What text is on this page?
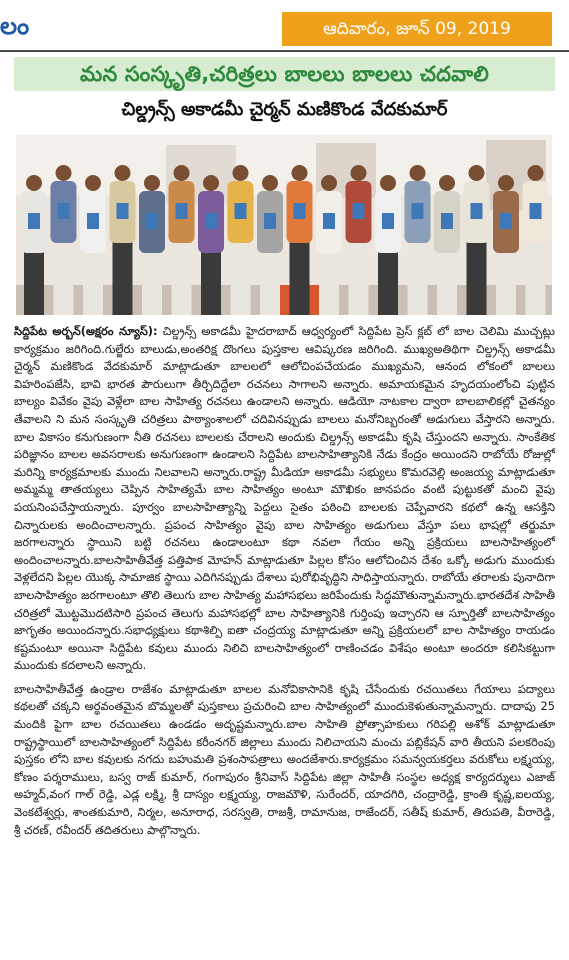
లం	ఆదివారం, జూన్ 09, 2019
మన సంస్కృతి,చరిత్రలు బాలలు బాలలు చదవాలి
చిల్డ్రన్స్ అకాడమీ చైర్మన్ మణికొండ వేదకుమార్

సిద్దిపేట అర్బన్(అక్షరం న్యూస్): చిల్డ్రన్స్ అకాడమీ హైదరాబాద్ ఆధ్వర్యంలో సిద్దిపేట ప్రెస్ క్లబ్ లో బాల చెలిమి ముచ్చట్లు కార్యక్రమం జరిగింది.గుల్జేరు బాలుడు,అంతరిక్ష దొంగలు పుస్తకాల ఆవిష్కరణ జరిగింది. ముఖ్యఅతిథిగా చిల్డ్రన్స్ అకాడమీ చైర్మన్ మణికొండ వేదకుమార్ మాట్లాడుతూ బాలలలో ఆలోచింపచేయడం ముఖ్యమని, ఆనంద లోకంలో బాలలు విహరింపజేసి, భావి భారత పౌరులుగా తీర్చిదిద్దేలా రచనలు సాగాలని అన్నారు. అమాయకమైన హృదయంలోంచి పుట్టిన బాల్యం వివేకం వైపు వెళ్లేలా బాల సాహిత్య రచనలు ఉండాలని అన్నారు. ఆడియో నాటకాల ద్వారా బాలబాలికల్లో చైతన్యం తేవాలని ని మన సంస్కృతి చరిత్రలు పాఠ్యాంశాలలో చదివినప్పుడు బాలలు మనోనిబ్బరంతో అడుగులు వేస్తారని అన్నారు. బాల వికాసం కనుగుణంగా నీతి రచనలు బాలలకు చేరాలని అందుకు చిల్డ్రన్స్ అకాడమీ కృషి చేస్తుందని అన్నారు. సాంకేతిక పరిజ్ఞానం బాలల అవసరాలకు అనుగుణంగా ఉండాలని సిద్దిపేట బాలసాహిత్యానికి నేడు కేంద్రం అయిందని రాబోయే రోజుల్లో మరిన్ని కార్యక్రమాలకు ముందు నిలవాలని అన్నారు.రాష్ట్ర మీడియా అకాడమీ సభ్యులు కొమరవెల్లి అంజయ్య మాట్లాడుతూ అమ్మమ్మ తాతయ్యలు చెప్పిన సాహిత్యమే బాల సాహిత్యం అంటూ మౌఖికం జానపదం వంటి పుట్టుకతో మంచి వైపు పయనింపచేస్తాయన్నారు. పూర్వం బాలసాహిత్యాన్ని పెద్దలు సైతం పఠించి బాలలకు చెప్పేవారని కథలో ఉన్న ఆసక్తిని చిన్నారులకు అందించాలన్నారు. ప్రపంచ సాహిత్యం వైపు బాల సాహిత్యం అడుగులు వేస్తూ పలు భాషల్లో తర్జుమా జరగాలన్నారు స్థాయిని బట్టి రచనలు ఉండాలంటూ కథా నవలా గేయం అన్ని ప్రక్రియలు బాలసాహిత్యంలో అందించాలన్నారు.బాలసాహితీవేత్త పత్తిపాక మోహన్ మాట్లాడుతూ పిల్లల కోసం ఆలోచించిన దేశం ఒక్కో అడుగు ముందుకు వెళ్లలేదని పిల్లల యొక్క సామాజిక స్థాయి ఎదిగినప్పుడు దేశాలు పురోభివృద్ధిని సాధిస్తాయన్నారు. రాబోయే తరాలకు పునాదిగా బాలసాహిత్యం జరగాలంటూ తొలి తెలుగు బాల సాహిత్య మహాసభలు జరిపేందుకు సిద్ధమౌతున్నామన్నారు.భారతదేశ సాహితీ చరిత్రలో మొట్టమొదటిసారి ప్రపంచ తెలుగు మహాసభల్లో బాల సాహిత్యానికి గుర్తింపు ఇచ్చారని ఆ స్ఫూర్తితో బాలసాహిత్యం జాగృతం అయిందన్నారు.సభాధ్యక్షులు కథాశిల్పి ఐతా చంద్రయ్య మాట్లాడుతూ అన్ని ప్రక్రియలలో బాల సాహిత్యం రాయడం కష్టమంటూ అయినా సిద్దిపేట కవులు ముందు నిలిచి బాలసాహిత్యంలో రాణించడం విశేషం అంటూ అందరూ కలిసికట్టుగా ముందుకు కదలాలని అన్నారు.

బాలసాహితీవేత్త ఉండ్రాల రాజేశం మాట్లాడుతూ బాలల మనోవికాసానికి కృషి చేసేందుకు రచయితలు గేయాలు పద్యాలు కథలతో చక్కని అర్థవంతమైన బొమ్మలతో పుస్తకాలు ప్రచురించి బాల సాహిత్యంలో ముందుకెళుతున్నామన్నారు. దాదాపు 25 మందికి పైగా బాల రచయితలు ఉండడం అదృష్టమన్నారు.బాల సాహితి ప్రోత్సాహకులు గరిపల్లి అశోక్ మాట్లాడుతూ రాష్ట్రస్థాయిలో బాలసాహిత్యంలో సిద్దిపేట కరీంనగర్ జిల్లాలు ముందు నిలిచాయని మంచు పబ్లికేషన్ వారి తీయని పలకరింపు పుస్తకం లోని బాల కవులకు నగదు బహుమతి ప్రశంసాపత్రాలు అందజేశారు.కార్యక్రమం సమన్వయకర్తలు వరుకోలు లక్ష్మయ్య, కోణం పర్శరాములు, బస్వ రాజ్ కుమార్, గంగాపురం శ్రీనివాస్ సిద్దిపేట జిల్లా సాహితీ సంస్థల అధ్యక్ష కార్యదర్శులు ఎజాజ్ అహ్మద్,వంగ గాల్ రెడ్డి, ఎడ్ల లక్ష్మి, శ్రీ దాస్యం లక్ష్మయ్య, రాజమౌళి, సురేందర్, యాదగిరి, చంద్రారెడ్డి, క్రాంతి కృష్ణ,ఐలయ్య, వెంకటేశ్వర్లు, శాంతకుమారి, నిర్మల, అనూరాధ, సరస్వతి, రాజశ్రీ, రామానుజ, రాజేందర్, సతీష్ కుమార్, తిరుపతి, వీరారెడ్డి, శ్రీ చరణ్, రవీందర్ తదితరులు పాల్గొన్నారు.
